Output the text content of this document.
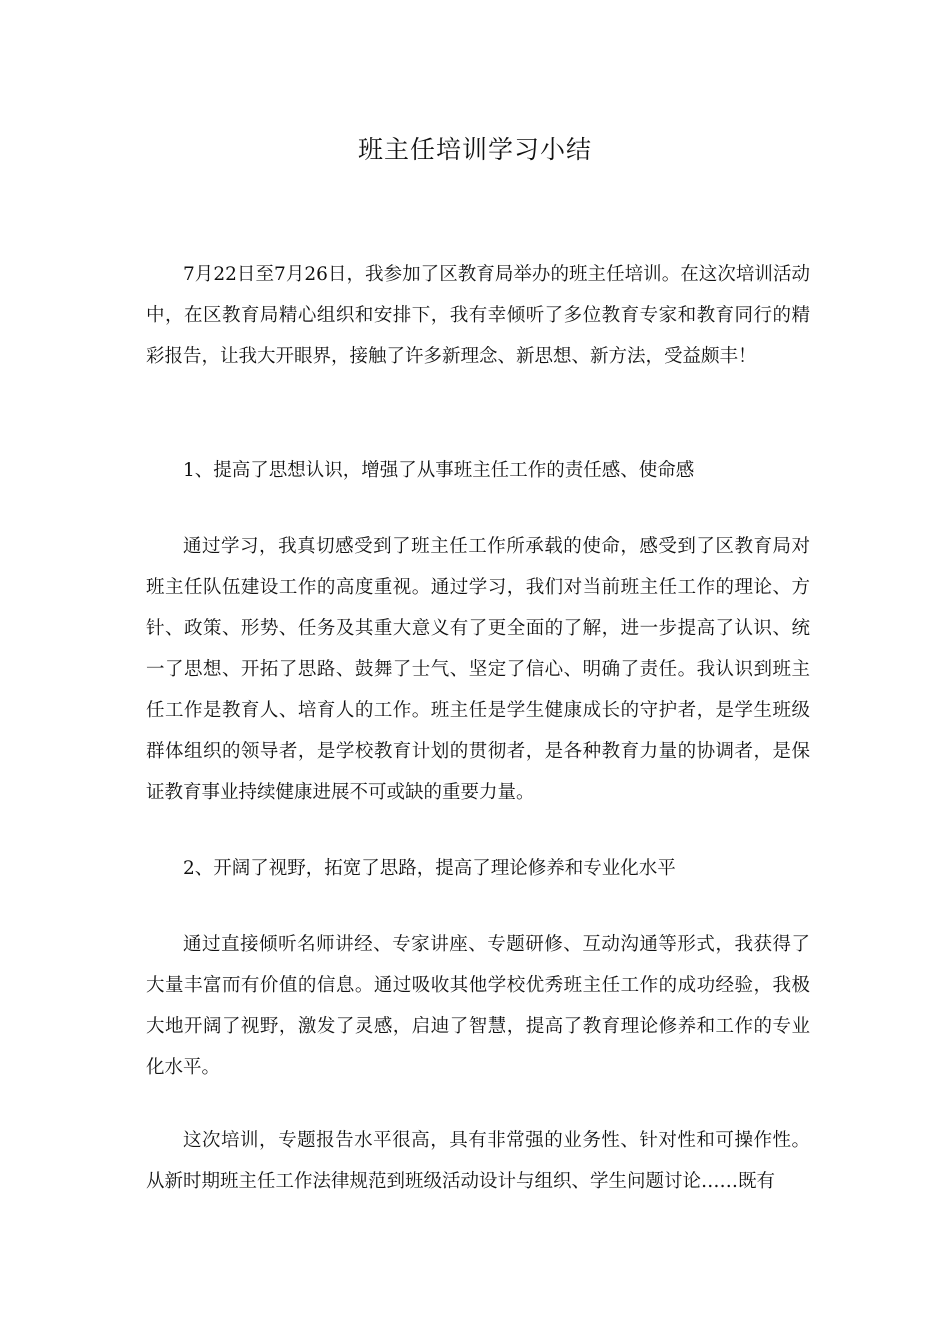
班主任培训学习小结

7月22日至7月26日，我参加了区教育局举办的班主任培训。在这次培训活动中，在区教育局精心组织和安排下，我有幸倾听了多位教育专家和教育同行的精彩报告，让我大开眼界，接触了许多新理念、新思想、新方法，受益颇丰！

1、提高了思想认识，增强了从事班主任工作的责任感、使命感

通过学习，我真切感受到了班主任工作所承载的使命，感受到了区教育局对班主任队伍建设工作的高度重视。通过学习，我们对当前班主任工作的理论、方针、政策、形势、任务及其重大意义有了更全面的了解，进一步提高了认识、统一了思想、开拓了思路、鼓舞了士气、坚定了信心、明确了责任。我认识到班主任工作是教育人、培育人的工作。班主任是学生健康成长的守护者，是学生班级群体组织的领导者，是学校教育计划的贯彻者，是各种教育力量的协调者，是保证教育事业持续健康进展不可或缺的重要力量。

2、开阔了视野，拓宽了思路，提高了理论修养和专业化水平

通过直接倾听名师讲经、专家讲座、专题研修、互动沟通等形式，我获得了大量丰富而有价值的信息。通过吸收其他学校优秀班主任工作的成功经验，我极大地开阔了视野，激发了灵感，启迪了智慧，提高了教育理论修养和工作的专业化水平。

这次培训，专题报告水平很高，具有非常强的业务性、针对性和可操作性。从新时期班主任工作法律规范到班级活动设计与组织、学生问题讨论……既有
